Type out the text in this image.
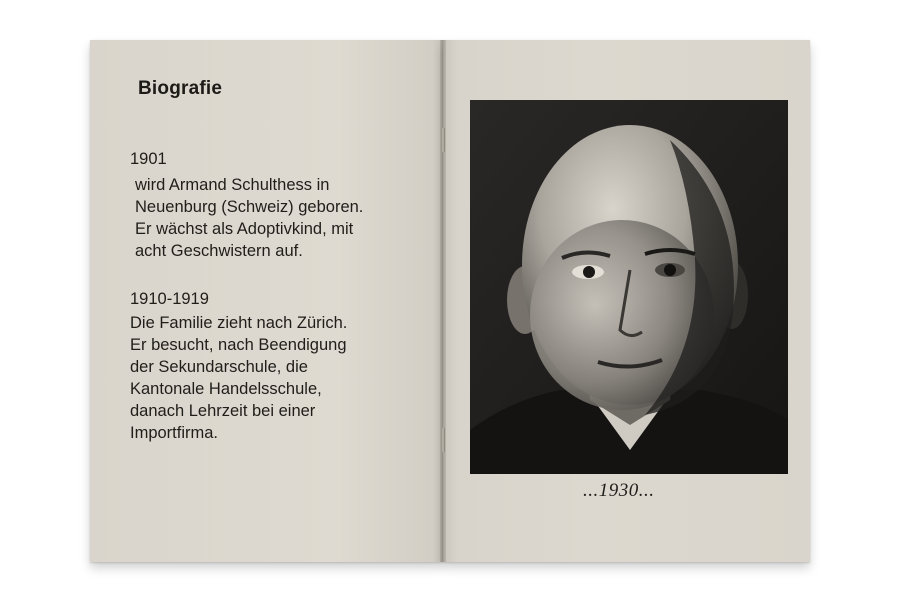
Biografie
1901
wird Armand Schulthess in
Neuenburg (Schweiz) geboren.
Er wächst als Adoptivkind, mit
acht Geschwistern auf.
1910-1919
Die Familie zieht nach Zürich.
Er besucht, nach Beendigung
der Sekundarschule, die
Kantonale Handelsschule,
danach Lehrzeit bei einer
Importfirma.
...1930...
